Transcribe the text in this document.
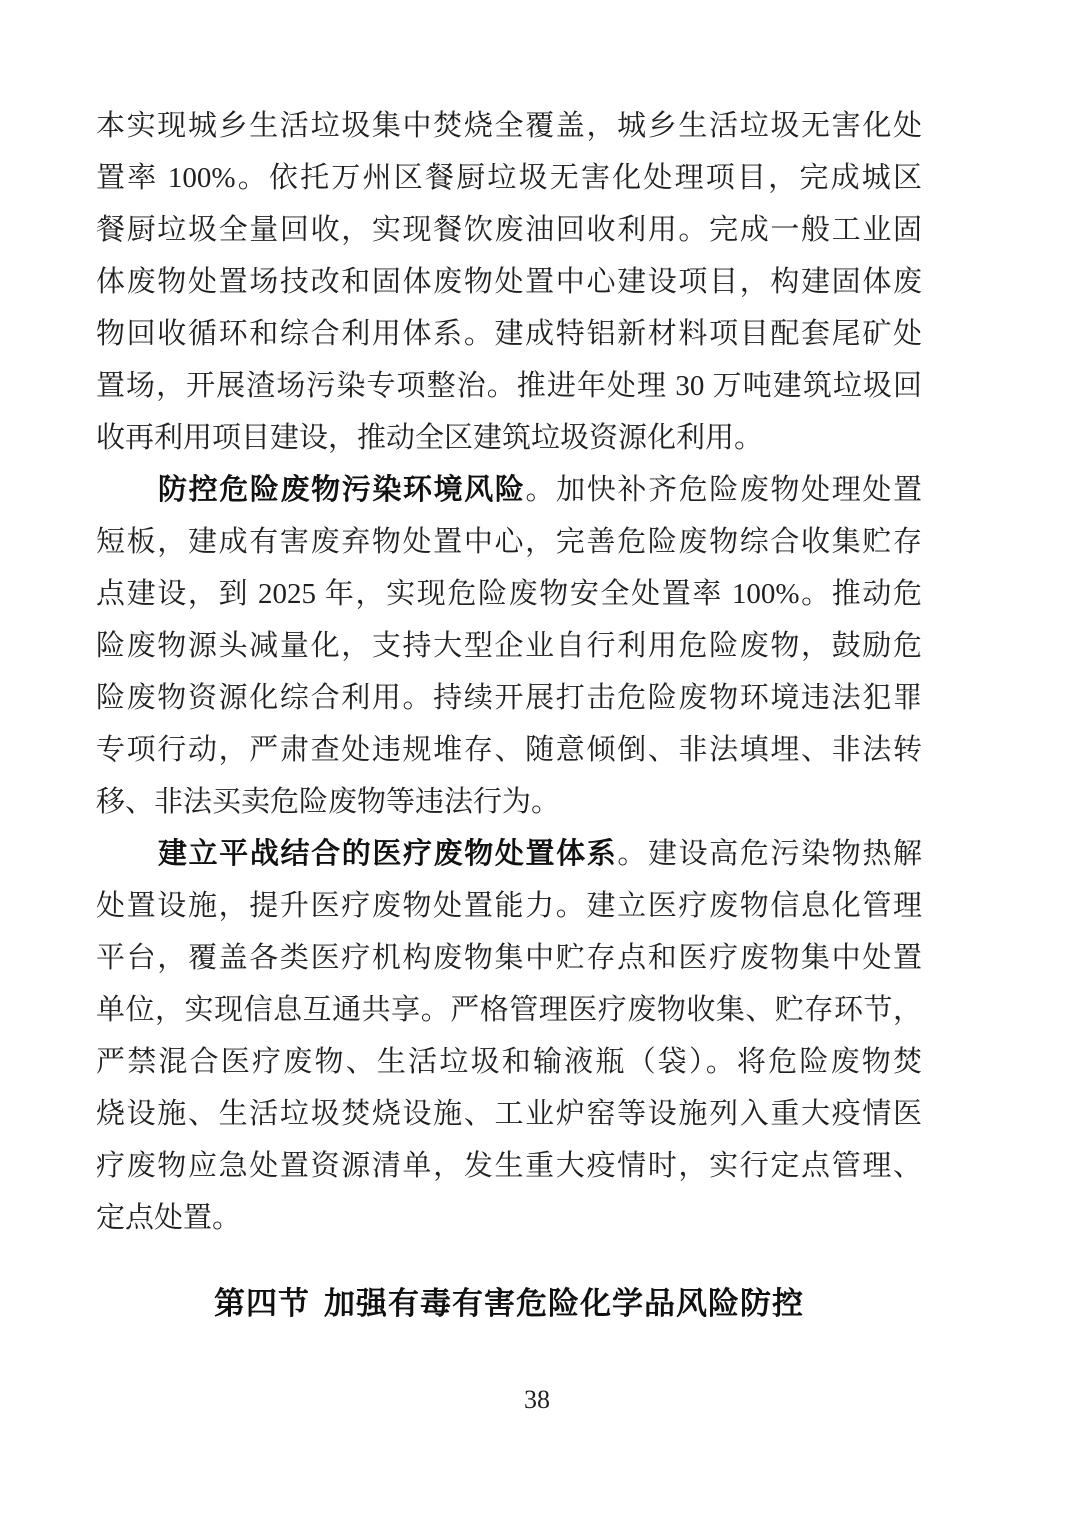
本实现城乡生活垃圾集中焚烧全覆盖，城乡生活垃圾无害化处
置率 100%。依托万州区餐厨垃圾无害化处理项目，完成城区
餐厨垃圾全量回收，实现餐饮废油回收利用。完成一般工业固
体废物处置场技改和固体废物处置中心建设项目，构建固体废
物回收循环和综合利用体系。建成特铝新材料项目配套尾矿处
置场，开展渣场污染专项整治。推进年处理 30 万吨建筑垃圾回
收再利用项目建设，推动全区建筑垃圾资源化利用。
防控危险废物污染环境风险。加快补齐危险废物处理处置
短板，建成有害废弃物处置中心，完善危险废物综合收集贮存
点建设，到 2025 年，实现危险废物安全处置率 100%。推动危
险废物源头减量化，支持大型企业自行利用危险废物，鼓励危
险废物资源化综合利用。持续开展打击危险废物环境违法犯罪
专项行动，严肃查处违规堆存、随意倾倒、非法填埋、非法转
移、非法买卖危险废物等违法行为。
建立平战结合的医疗废物处置体系。建设高危污染物热解
处置设施，提升医疗废物处置能力。建立医疗废物信息化管理
平台，覆盖各类医疗机构废物集中贮存点和医疗废物集中处置
单位，实现信息互通共享。严格管理医疗废物收集、贮存环节，
严禁混合医疗废物、生活垃圾和输液瓶（袋）。将危险废物焚
烧设施、生活垃圾焚烧设施、工业炉窑等设施列入重大疫情医
疗废物应急处置资源清单，发生重大疫情时，实行定点管理、
定点处置。
第四节 加强有毒有害危险化学品风险防控
38
